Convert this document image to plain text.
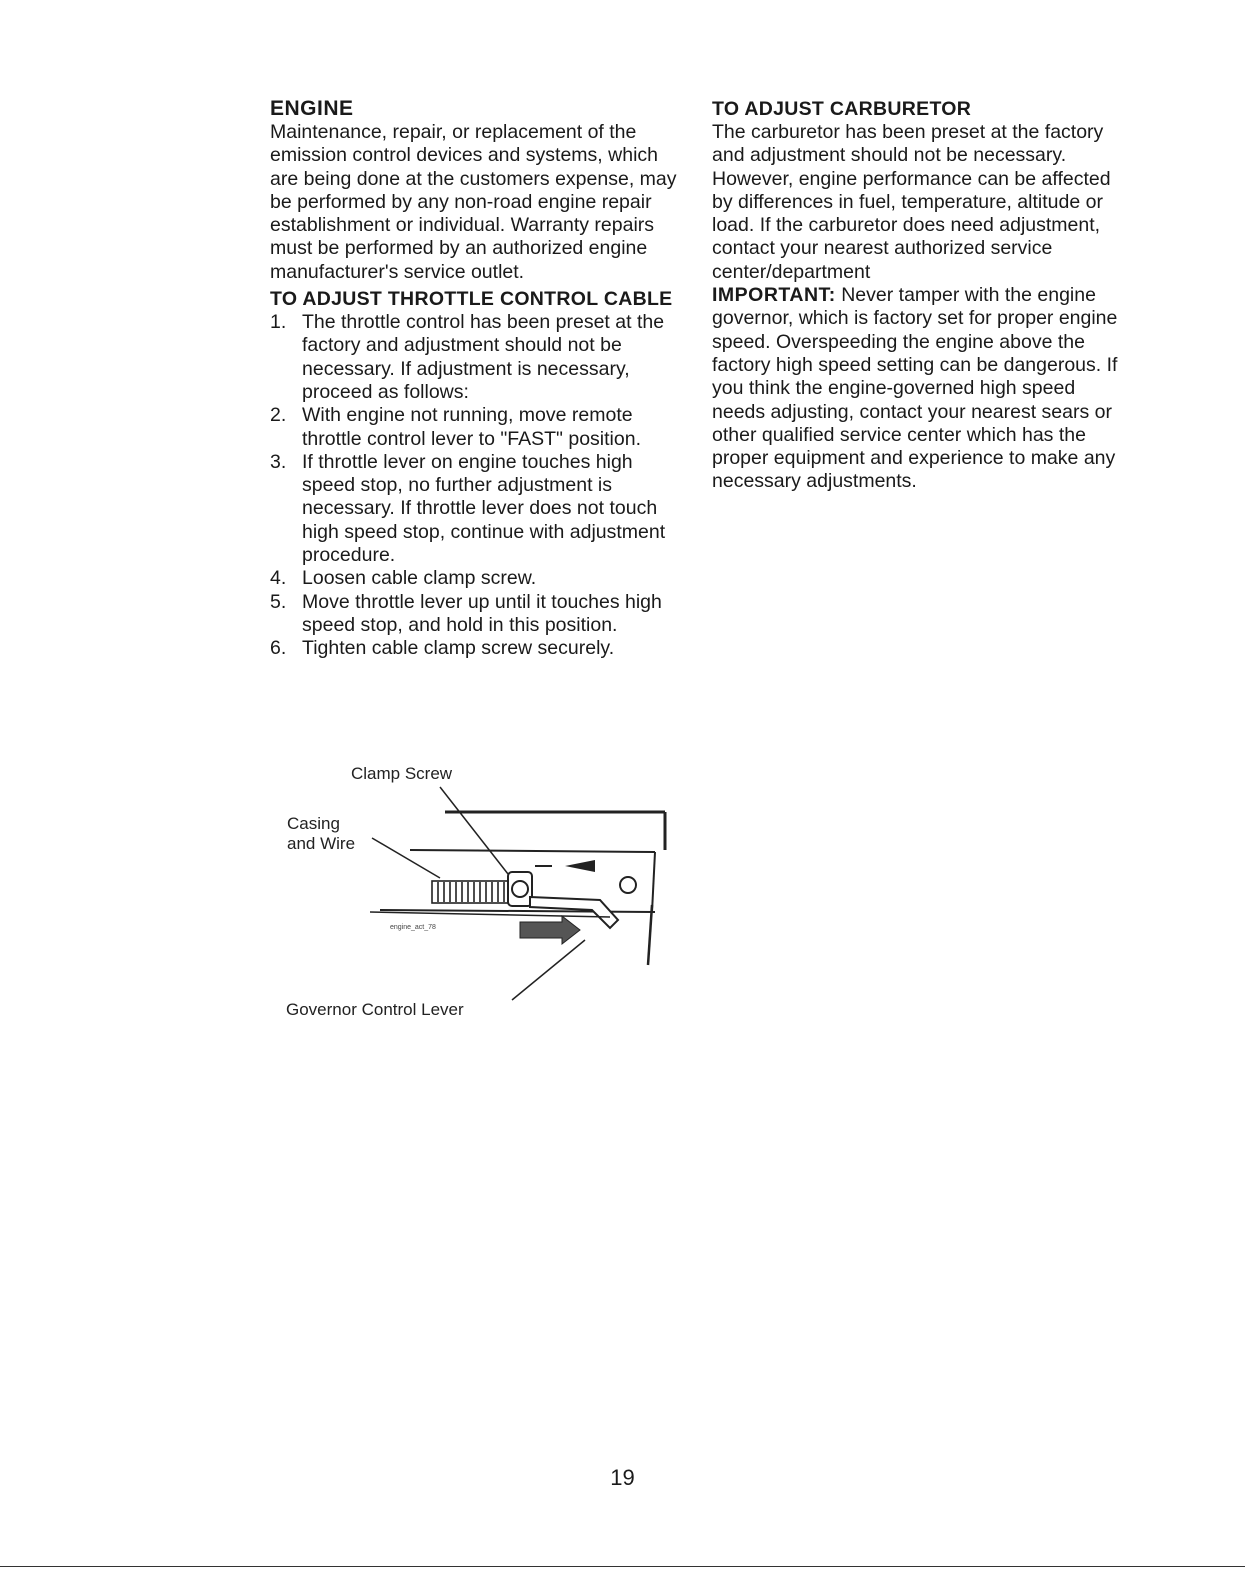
ENGINE

Maintenance, repair, or replacement of the emission control devices and systems, which are being done at the customers expense, may be performed by any non-road engine repair establishment or individual. Warranty repairs must be performed by an authorized engine manufacturer's service outlet.

TO ADJUST THROTTLE CONTROL CABLE
1. The throttle control has been preset at the factory and adjustment should not be necessary. If adjustment is necessary, proceed as follows:
2. With engine not running, move remote throttle control lever to "FAST" position.
3. If throttle lever on engine touches high speed stop, no further adjustment is necessary. If throttle lever does not touch high speed stop, continue with adjustment procedure.
4. Loosen cable clamp screw.
5. Move throttle lever up until it touches high speed stop, and hold in this position.
6. Tighten cable clamp screw securely.
engine_act_78
Clamp Screw
Casing
and Wire
Governor Control Lever
TO ADJUST CARBURETOR

The carburetor has been preset at the factory and adjustment should not be necessary. However, engine performance can be affected by differences in fuel, temperature, altitude or load. If the carburetor does need adjustment, contact your nearest authorized service center/department
IMPORTANT: Never tamper with the engine governor, which is factory set for proper engine speed. Overspeeding the engine above the factory high speed setting can be dangerous. If you think the engine-governed high speed needs adjusting, contact your nearest sears or other qualified service center which has the proper equipment and experience to make any necessary adjustments.

19
